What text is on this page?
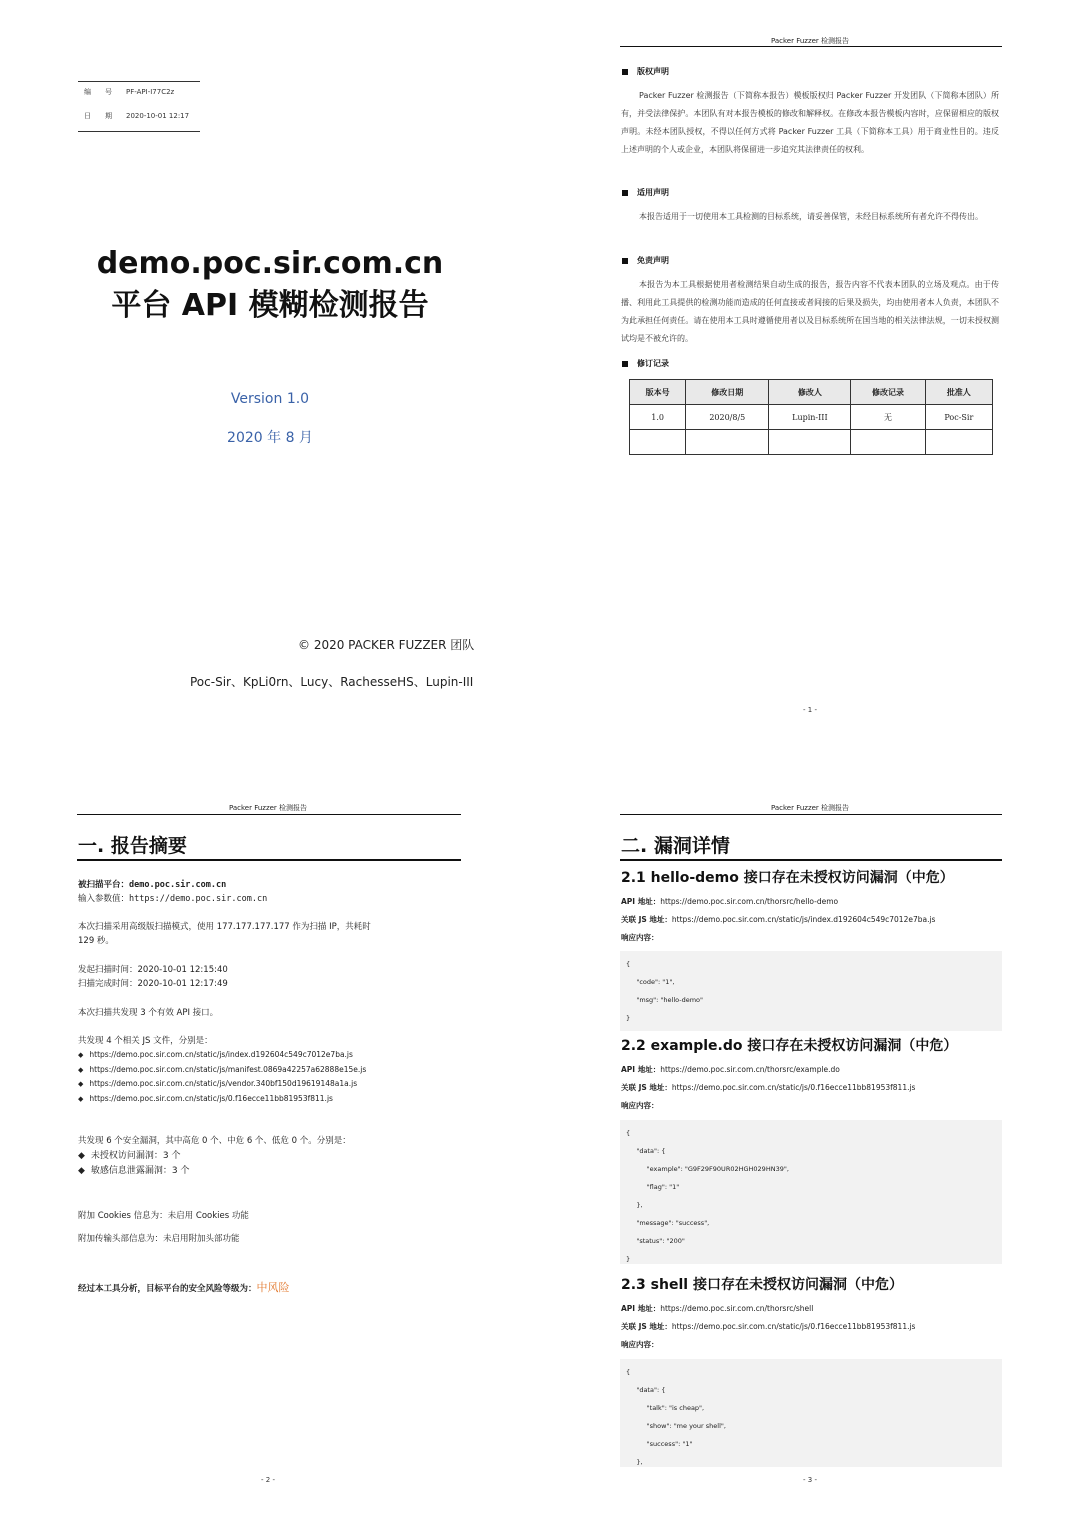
编号PF-API-I77C2z
日期2020-10-01 12:17
demo.poc.sir.com.cn
平台 API 模糊检测报告
Version 1.0
2020 年 8 月
© 2020 PACKER FUZZER 团队
Poc-Sir、KpLi0rn、Lucy、RachesseHS、Lupin-III
Packer Fuzzer 检测报告
版权声明
Packer Fuzzer 检测报告（下简称本报告）模板版权归 Packer Fuzzer 开发团队（下简称本团队）所有，并受法律保护。本团队有对本报告模板的修改和解释权。在修改本报告模板内容时，应保留相应的版权声明。未经本团队授权，不得以任何方式将 Packer Fuzzer 工具（下简称本工具）用于商业性目的。违反上述声明的个人或企业，本团队将保留进一步追究其法律责任的权利。
适用声明
本报告适用于一切使用本工具检测的目标系统，请妥善保管，未经目标系统所有者允许不得传出。
免责声明
本报告为本工具根据使用者检测结果自动生成的报告，报告内容不代表本团队的立场及观点。由于传播、利用此工具提供的检测功能而造成的任何直接或者间接的后果及损失，均由使用者本人负责，本团队不为此承担任何责任。请在使用本工具时遵循使用者以及目标系统所在国当地的相关法律法规，一切未授权测试均是不被允许的。
修订记录
版本号	修改日期	修改人	修改记录	批准人
1.0	2020/8/5	Lupin-III	无	Poc-Sir

- 1 -
Packer Fuzzer 检测报告
一. 报告摘要
被扫描平台：demo.poc.sir.com.cn
输入参数值：https://demo.poc.sir.com.cn
本次扫描采用高级版扫描模式，使用 177.177.177.177 作为扫描 IP，共耗时
129 秒。
发起扫描时间：2020-10-01 12:15:40
扫描完成时间：2020-10-01 12:17:49
本次扫描共发现 3 个有效 API 接口。
共发现 4 个相关 JS 文件，分别是：
◆ https://demo.poc.sir.com.cn/static/js/index.d192604c549c7012e7ba.js
◆ https://demo.poc.sir.com.cn/static/js/manifest.0869a42257a62888e15e.js
◆ https://demo.poc.sir.com.cn/static/js/vendor.340bf150d19619148a1a.js
◆ https://demo.poc.sir.com.cn/static/js/0.f16ecce11bb81953f811.js
共发现 6 个安全漏洞，其中高危 0 个、中危 6 个、低危 0 个。分别是：
◆ 未授权访问漏洞：3 个
◆ 敏感信息泄露漏洞：3 个
附加 Cookies 信息为：未启用 Cookies 功能
附加传输头部信息为：未启用附加头部功能
经过本工具分析，目标平台的安全风险等级为：中风险
- 2 -
Packer Fuzzer 检测报告
二. 漏洞详情
2.1 hello-demo 接口存在未授权访问漏洞（中危）
API 地址：https://demo.poc.sir.com.cn/thorsrc/hello-demo
关联 JS 地址：https://demo.poc.sir.com.cn/static/js/index.d192604c549c7012e7ba.js
响应内容：
{
"code": "1",
"msg": "hello-demo"
}
2.2 example.do 接口存在未授权访问漏洞（中危）
API 地址：https://demo.poc.sir.com.cn/thorsrc/example.do
关联 JS 地址：https://demo.poc.sir.com.cn/static/js/0.f16ecce11bb81953f811.js
响应内容：
{
"data": {
"example": "G9F29F90UR02HGH029HN39",
"flag": "1"
},
"message": "success",
"status": "200"
}
2.3 shell 接口存在未授权访问漏洞（中危）
API 地址：https://demo.poc.sir.com.cn/thorsrc/shell
关联 JS 地址：https://demo.poc.sir.com.cn/static/js/0.f16ecce11bb81953f811.js
响应内容：
{
"data": {
"talk": "is cheap",
"show": "me your shell",
"success": "1"
},
- 3 -
